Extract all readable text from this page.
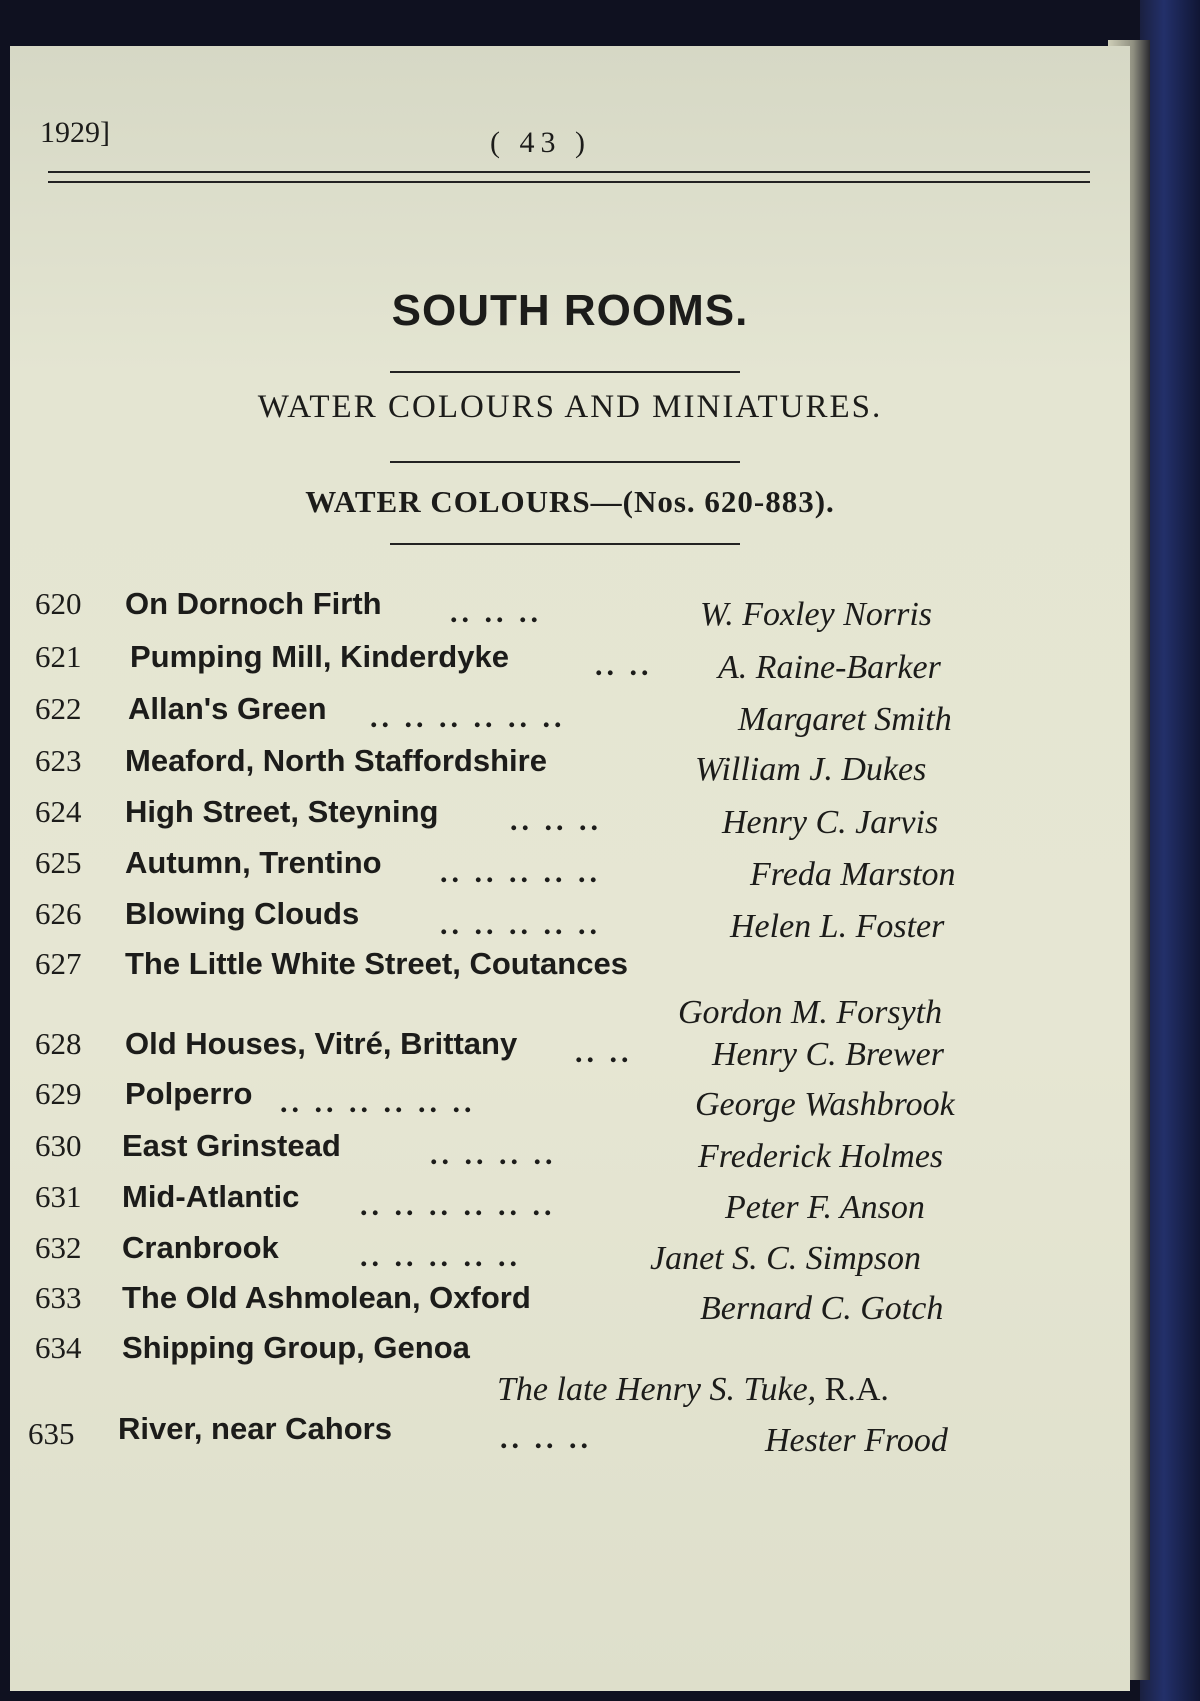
1929]	( 43 )
SOUTH ROOMS.
WATER COLOURS AND MINIATURES.
WATER COLOURS—(Nos. 620-883).
620 On Dornoch Firth .. .. ..	W. Foxley Norris
621 Pumping Mill, Kinderdyke	.. .. A. Raine-Barker
622 Allan's Green .. .. .. .. .. ..	Margaret Smith
623 Meaford, North Staffordshire	William J. Dukes
624 High Street, Steyning .. .. ..	Henry C. Jarvis
625 Autumn, Trentino .. .. .. .. ..	Freda Marston
626 Blowing Clouds	.. .. .. .. ..	Helen L. Foster
627 The Little White Street, Coutances
Gordon M. Forsyth
628 Old Houses, Vitré, Brittany .. .. Henry C. Brewer
629 Polperro .. .. .. .. .. ..	George Washbrook
630 East Grinstead	.. .. .. ..	Frederick Holmes
631 Mid-Atlantic .. .. .. .. .. ..	Peter F. Anson
632 Cranbrook	.. .. .. .. ..	Janet S. C. Simpson
633 The Old Ashmolean, Oxford	Bernard C. Gotch
634 Shipping Group, Genoa
The late Henry S. Tuke, R.A.
635 River, near Cahors	.. .. ..	Hester Frood
